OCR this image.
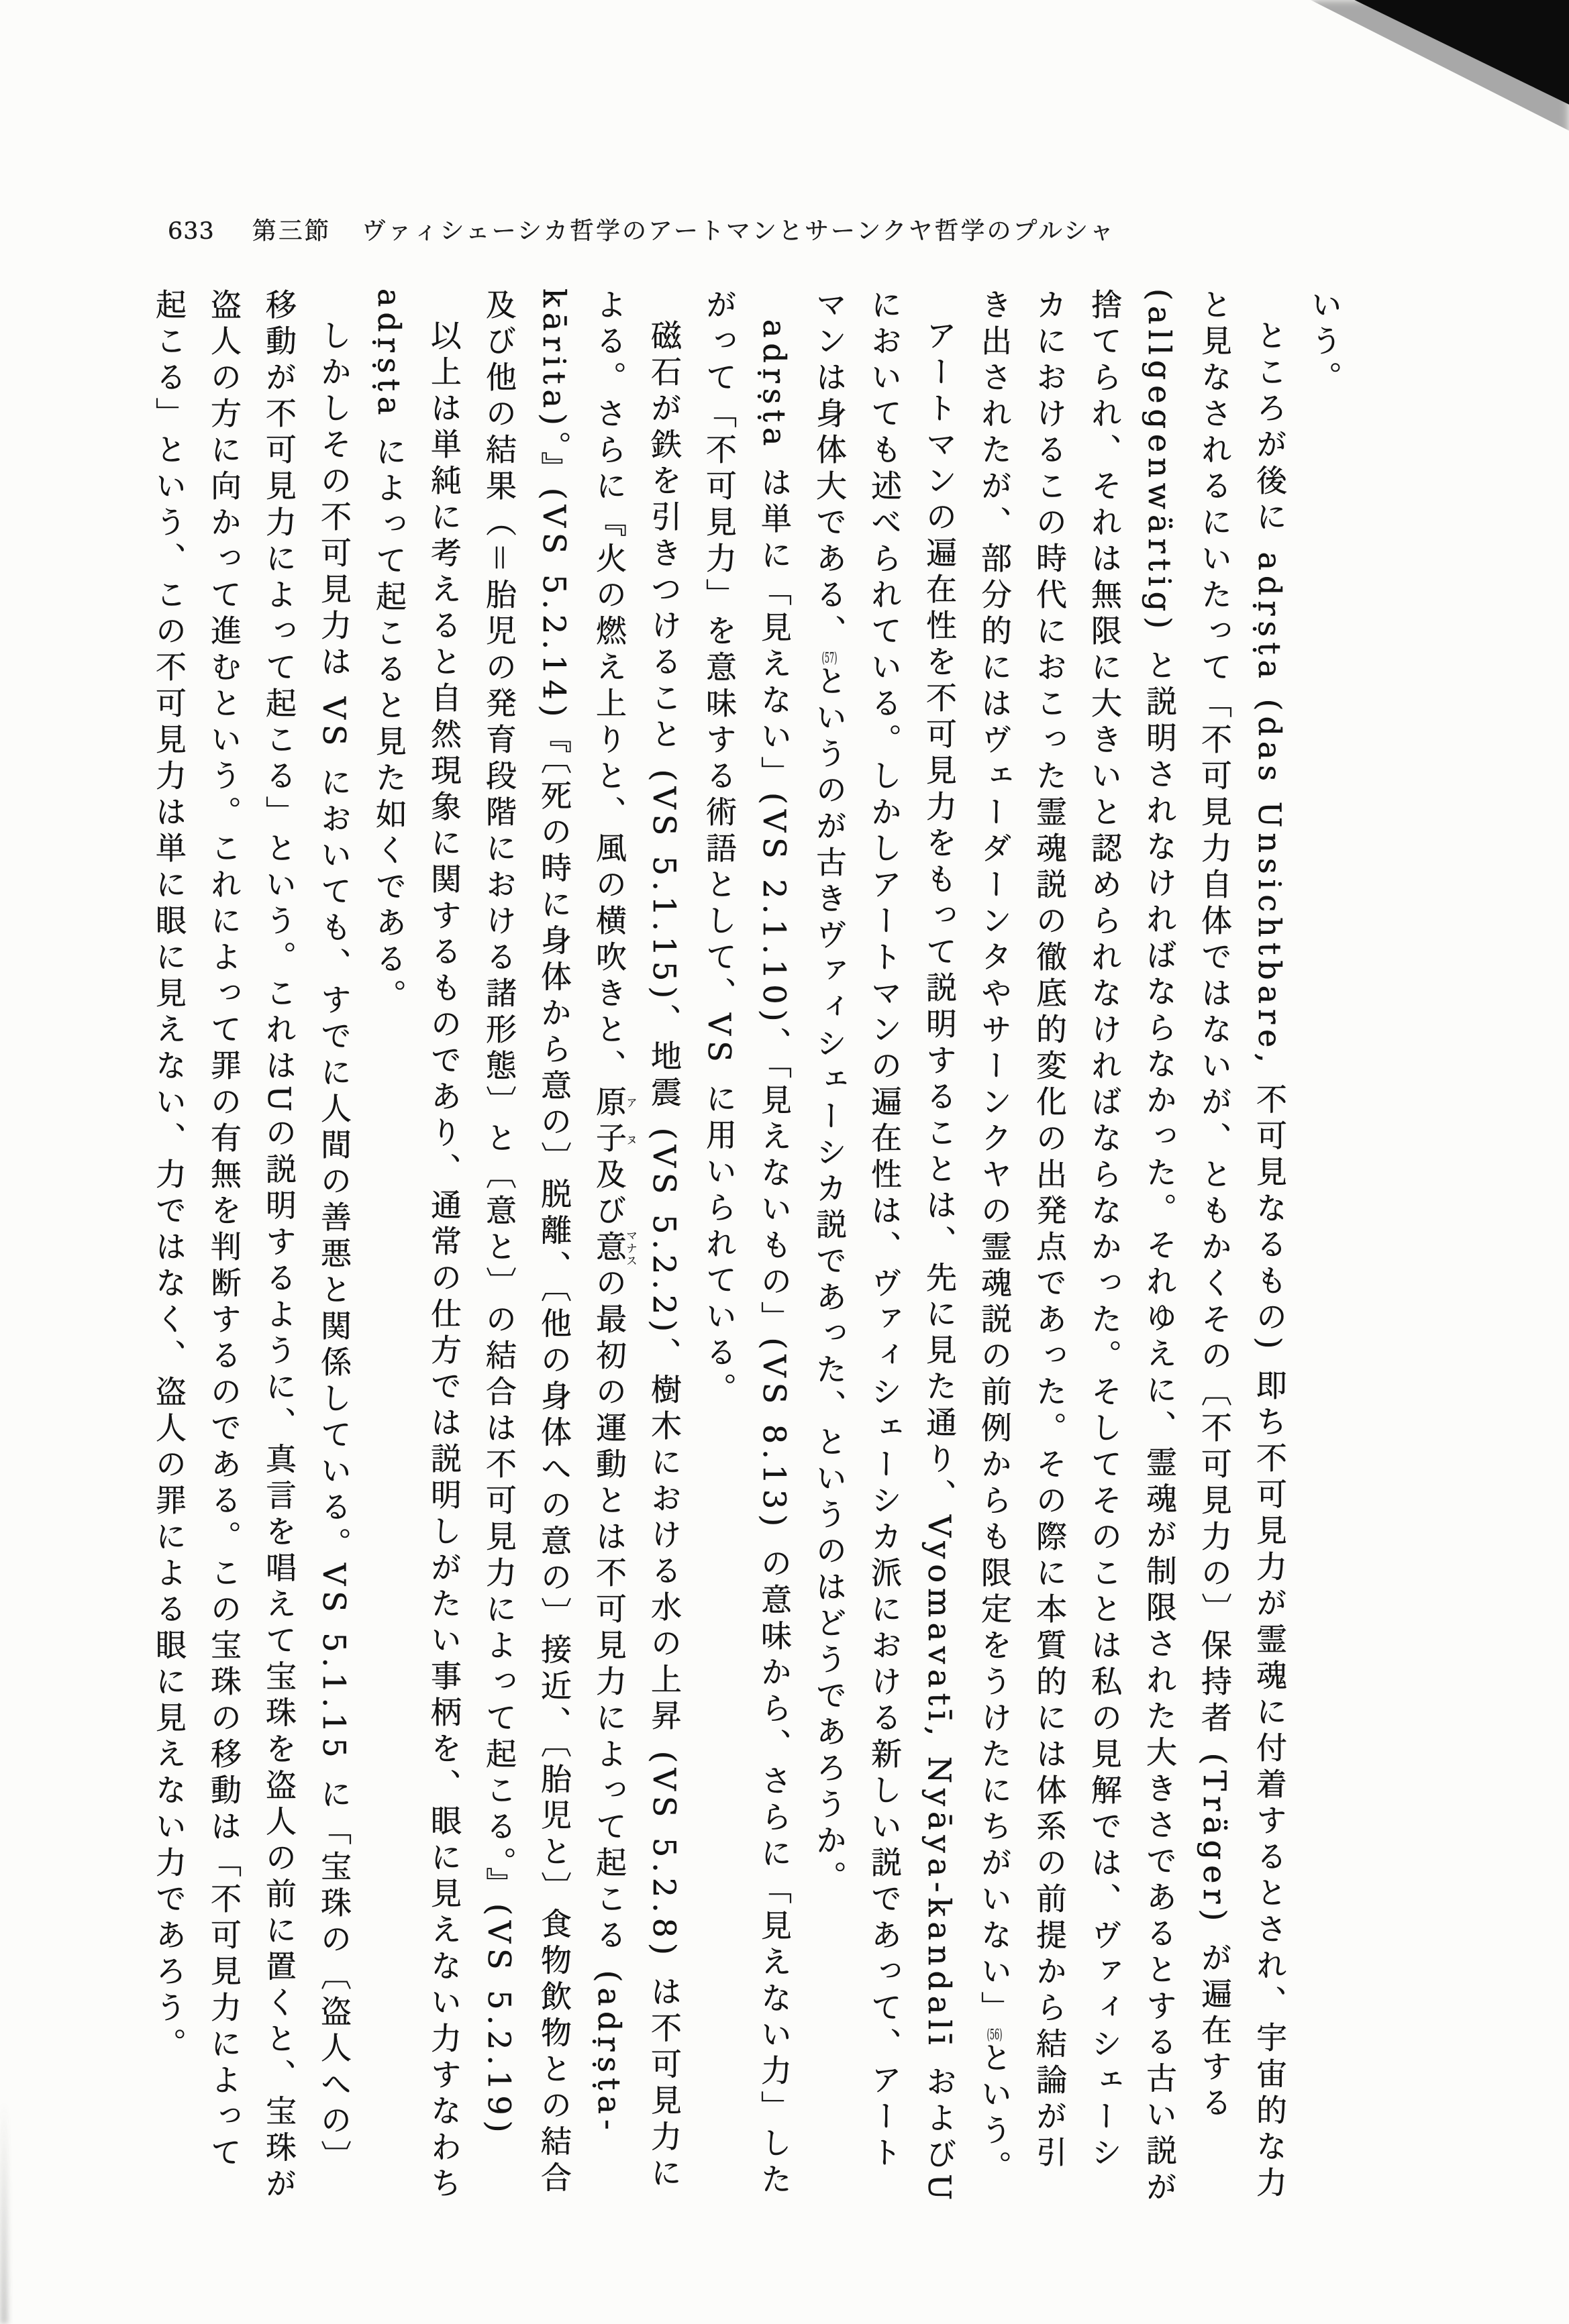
633 第三節 ヴァィシェーシカ哲学のアートマンとサーンクヤ哲学のプルシャ

いう。

ところが後に adṛṣṭa (das Unsichtbare, 不可見なるもの) 即ち不可見力が霊魂に付着するとされ、宇宙的な力と見なされるにいたって「不可見力自体ではないが、ともかくその〔不可見力の〕保持者 (Träger) が遍在する (allgegenwärtig) と説明されなければならなかった。それゆえに、霊魂が制限された大きさであるとする古い説が捨てられ、それは無限に大きいと認められなければならなかった。そしてそのことは私の見解では、ヴァィシェーシカにおけるこの時代におこった霊魂説の徹底的変化の出発点であった。その際に本質的には体系の前提から結論が引き出されたが、部分的にはヴェーダーンタやサーンクヤの霊魂説の前例からも限定をうけたにちがいない」(56)という。

アートマンの遍在性を不可見力をもって説明することは、先に見た通り、Vyomavatī, Nyāya-kandalī およびUにおいても述べられている。しかしアートマンの遍在性は、ヴァィシェーシカ派における新しい説であって、アートマンは身体大である、(57)というのが古きヴァィシェーシカ説であった、というのはどうであろうか。

adṛṣṭa は単に「見えない」(VS 2.1.10)、「見えないもの」(VS 8.13) の意味から、さらに「見えない力」したがって「不可見力」を意味する術語として、VS に用いられている。

磁石が鉄を引きつけること (VS 5.1.15)、地震 (VS 5.2.2)、樹木における水の上昇 (VS 5.2.8) は不可見力による。さらに『火の燃え上りと、風の横吹きと、原子アヌ及び意マナスの最初の運動とは不可見力によって起こる (adṛṣṭa-kārita)。』(VS 5.2.14)『〔死の時に身体から意の〕脱離、〔他の身体への意の〕接近、〔胎児と〕食物飲物との結合及び他の結果（＝胎児の発育段階における諸形態〕と〔意と〕の結合は不可見力によって起こる。』(VS 5.2.19)

以上は単純に考えると自然現象に関するものであり、通常の仕方では説明しがたい事柄を、眼に見えない力すなわち adṛṣṭa によって起こると見た如くである。

しかしその不可見力は VS においても、すでに人間の善悪と関係している。VS 5.1.15 に「宝珠の〔盗人への〕移動が不可見力によって起こる」という。これはUの説明するように、真言を唱えて宝珠を盗人の前に置くと、宝珠が盗人の方に向かって進むという。これによって罪の有無を判断するのである。この宝珠の移動は「不可見力によって起こる」という、この不可見力は単に眼に見えない、力ではなく、盗人の罪による眼に見えない力であろう。
